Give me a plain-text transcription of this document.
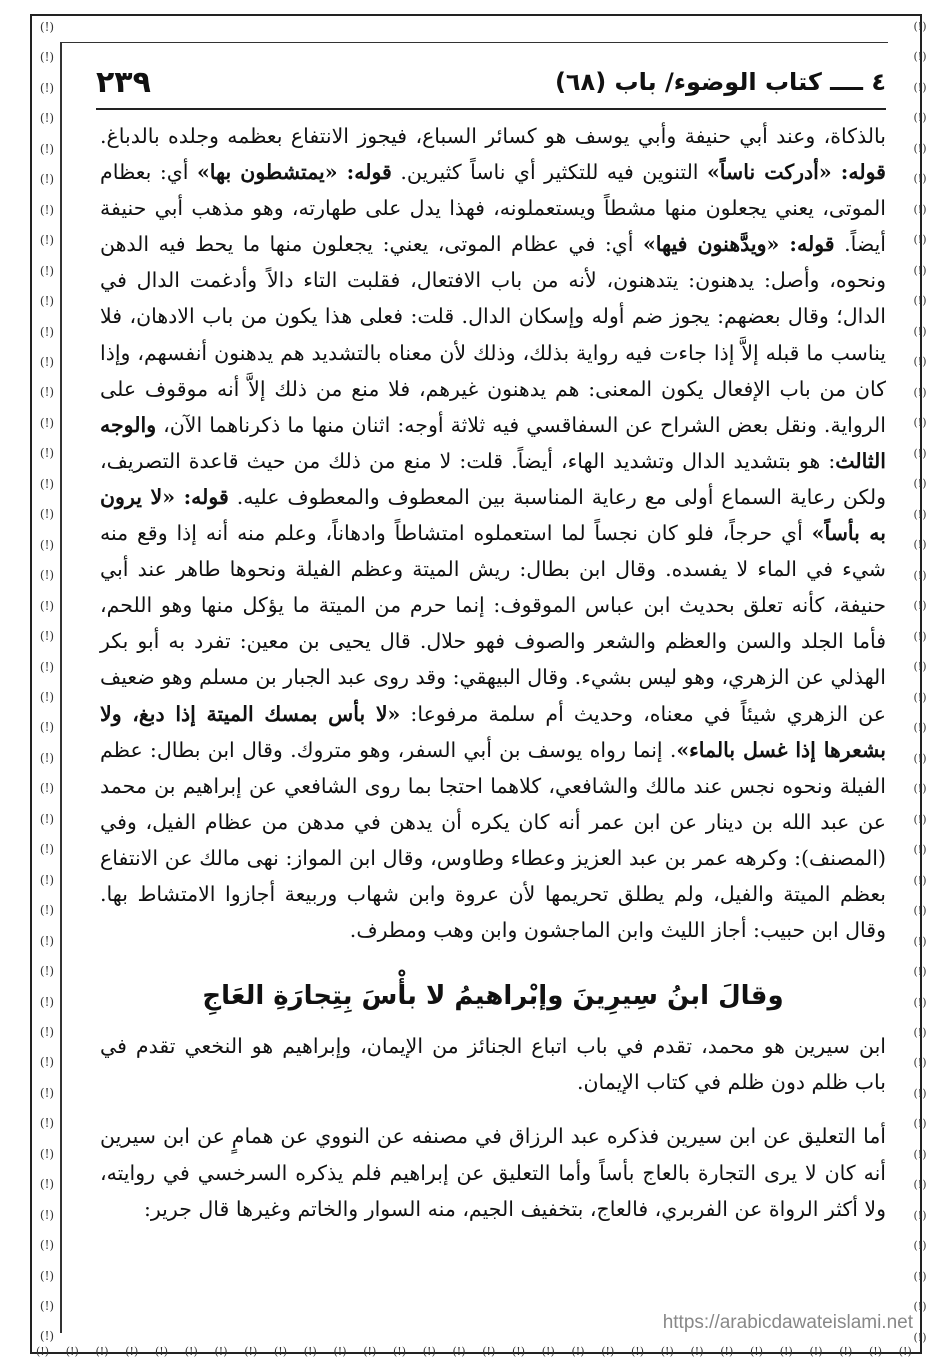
(!)
(!)
(!)
(!)
(!)
(!)
(!)
(!)
(!)
(!)
(!)
(!)
(!)
(!)
(!)
(!)
(!)
(!)
(!)
(!)
(!)
(!)
(!)
(!)
(!)
(!)
(!)
(!)
(!)
(!)
(!)
(!)
(!)
(!)
(!)
(!)
(!)
(!)
(!)
(!)
(!)
(!)
(!)
(!)
(!)
(!)
(!)
(!)
(!)
(!)
(!)
(!)
(!)
(!)
(!)
(!)
(!)
(!)
(!)
(!)
(!)
(!)
(!)
(!)
(!)
(!)
(!)
(!)
(!)
(!)
(!)
(!)
(!)
(!)
(!)
(!)
(!)
(!)
(!)
(!)
(!)
(!)
(!)
(!)
(!)
(!)
(!)
(!)
(!) (!) (!) (!) (!) (!) (!) (!) (!) (!) (!) (!) (!) (!) (!) (!) (!) (!) (!) (!) (!) (!) (!) (!) (!) (!) (!) (!) (!) (!)
٢٣٩	٤ ــــ كتاب الوضوء/ باب (٦٨)

بالذكاة، وعند أبي حنيفة وأبي يوسف هو كسائر السباع، فيجوز الانتفاع بعظمه وجلده بالدباغ. قوله: «أدركت ناساً» التنوين فيه للتكثير أي ناساً كثيرين. قوله: «يمتشطون بها» أي: بعظام الموتى، يعني يجعلون منها مشطاً ويستعملونه، فهذا يدل على طهارته، وهو مذهب أبي حنيفة أيضاً. قوله: «ويدَّهنون فيها» أي: في عظام الموتى، يعني: يجعلون منها ما يحط فيه الدهن ونحوه، وأصل: يدهنون: يتدهنون، لأنه من باب الافتعال، فقلبت التاء دالاً وأدغمت الدال في الدال؛ وقال بعضهم: يجوز ضم أوله وإسكان الدال. قلت: فعلى هذا يكون من باب الادهان، فلا يناسب ما قبله إلاَّ إذا جاءت فيه رواية بذلك، وذلك لأن معناه بالتشديد هم يدهنون أنفسهم، وإذا كان من باب الإفعال يكون المعنى: هم يدهنون غيرهم، فلا منع من ذلك إلاَّ أنه موقوف على الرواية. ونقل بعض الشراح عن السفاقسي فيه ثلاثة أوجه: اثنان منها ما ذكرناهما الآن، والوجه الثالث: هو بتشديد الدال وتشديد الهاء، أيضاً. قلت: لا منع من ذلك من حيث قاعدة التصريف، ولكن رعاية السماع أولى مع رعاية المناسبة بين المعطوف والمعطوف عليه. قوله: «لا يرون به بأساً» أي حرجاً، فلو كان نجساً لما استعملوه امتشاطاً وادهاناً، وعلم منه أنه إذا وقع منه شيء في الماء لا يفسده. وقال ابن بطال: ريش الميتة وعظم الفيلة ونحوها طاهر عند أبي حنيفة، كأنه تعلق بحديث ابن عباس الموقوف: إنما حرم من الميتة ما يؤكل منها وهو اللحم، فأما الجلد والسن والعظم والشعر والصوف فهو حلال. قال يحيى بن معين: تفرد به أبو بكر الهذلي عن الزهري، وهو ليس بشيء. وقال البيهقي: وقد روى عبد الجبار بن مسلم وهو ضعيف عن الزهري شيئاً في معناه، وحديث أم سلمة مرفوعا: «لا بأس بمسك الميتة إذا دبغ، ولا بشعرها إذا غسل بالماء». إنما رواه يوسف بن أبي السفر، وهو متروك. وقال ابن بطال: عظم الفيلة ونحوه نجس عند مالك والشافعي، كلاهما احتجا بما روى الشافعي عن إبراهيم بن محمد عن عبد الله بن دينار عن ابن عمر أنه كان يكره أن يدهن في مدهن من عظام الفيل، وفي (المصنف): وكرهه عمر بن عبد العزيز وعطاء وطاوس، وقال ابن المواز: نهى مالك عن الانتفاع بعظم الميتة والفيل، ولم يطلق تحريمها لأن عروة وابن شهاب وربيعة أجازوا الامتشاط بها. وقال ابن حبيب: أجاز الليث وابن الماجشون وابن وهب ومطرف.

وقالَ ابنُ سِيرِينَ وإبْراهيمُ لا بأْسَ بِتِجارَةِ العَاجِ

ابن سيرين هو محمد، تقدم في باب اتباع الجنائز من الإيمان، وإبراهيم هو النخعي تقدم في باب ظلم دون ظلم في كتاب الإيمان.

أما التعليق عن ابن سيرين فذكره عبد الرزاق في مصنفه عن النووي عن همامٍ عن ابن سيرين أنه كان لا يرى التجارة بالعاج بأساً وأما التعليق عن إبراهيم فلم يذكره السرخسي في روايته، ولا أكثر الرواة عن الفربري، فالعاج، بتخفيف الجيم، منه السوار والخاتم وغيرها قال جرير:

https://arabicdawateislami.net
